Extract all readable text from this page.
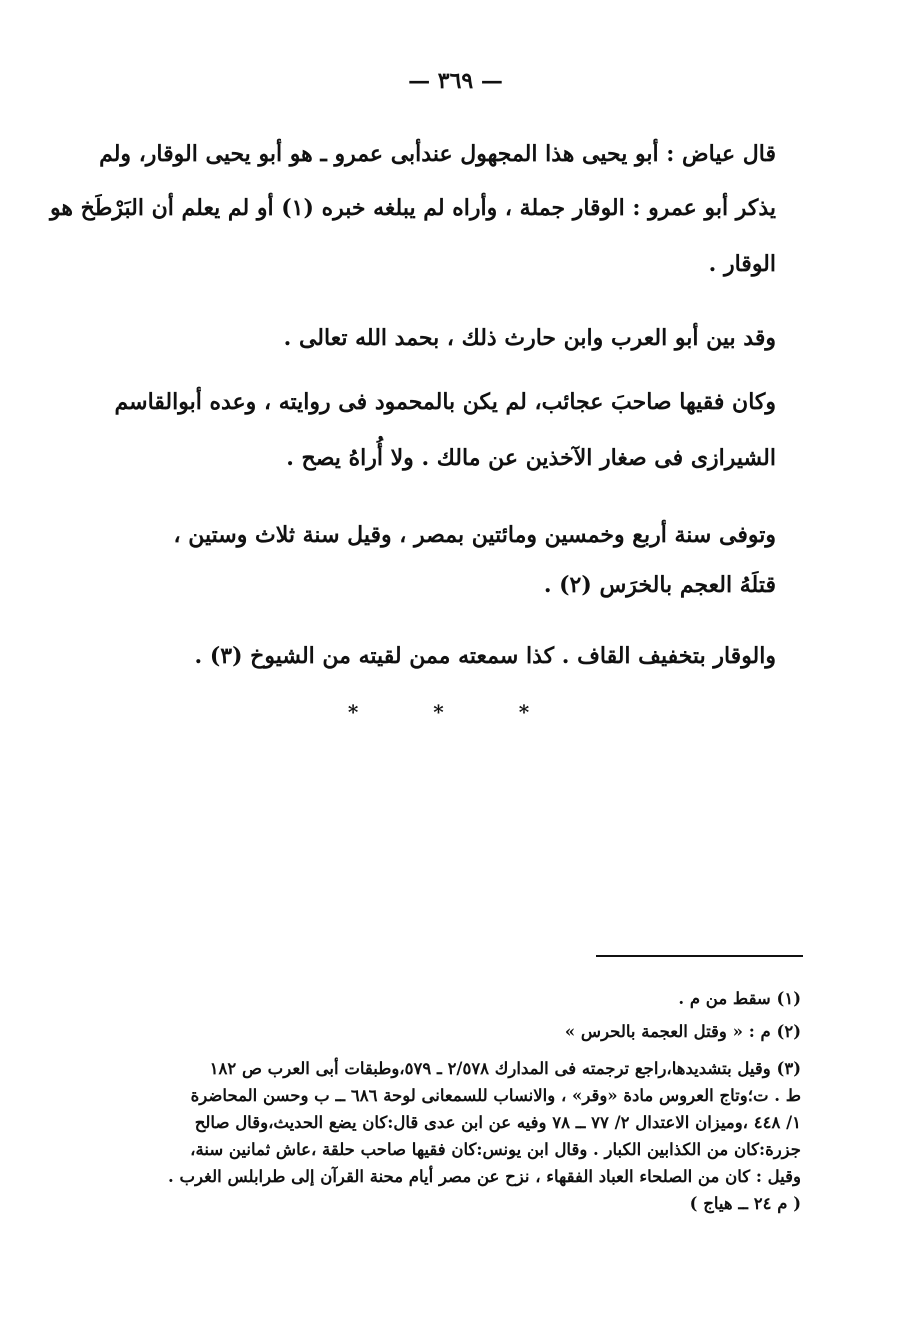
— ٣٦٩ —
قال عياض : أبو يحيى هذا المجهول عندأبى عمرو ـ هو أبو يحيى الوقار، ولم
يذكر أبو عمرو : الوقار جملة ، وأراه لم يبلغه خبره (١) أو لم يعلم أن البَرْطَخ هو
الوقار .
وقد بين أبو العرب وابن حارث ذلك ، بحمد الله تعالى .
وكان فقيها صاحبَ عجائب، لم يكن بالمحمود فى روايته ، وعده أبوالقاسم
الشيرازى فى صغار الآخذين عن مالك . ولا أُراهُ يصح .
وتوفى سنة أربع وخمسين ومائتين بمصر ، وقيل سنة ثلاث وستين ،
قتلَهُ العجم بالخرَس (٢) .
والوقار بتخفيف القاف . كذا سمعته ممن لقيته من الشيوخ (٣) .
* * *
(١) سقط من م .
(٢) م : « وقتل العجمة بالحرس »
(٣) وقيل بتشديدها،راجع ترجمته فى المدارك ٢/٥٧٨ ـ ٥٧٩،وطبقات أبى العرب ص ١٨٢
ط . ت؛وتاج العروس مادة «وقر» ، والانساب للسمعانى لوحة ٦٨٦ ــ ب وحسن المحاضرة
١/ ٤٤٨ ،وميزان الاعتدال ٢/ ٧٧ ــ ٧٨ وفيه عن ابن عدى قال:كان يضع الحديث،وقال صالح
جزرة:كان من الكذابين الكبار . وقال ابن يونس:كان فقيها صاحب حلقة ،عاش ثمانين سنة،
وقيل : كان من الصلحاء العباد الفقهاء ، نزح عن مصر أيام محنة القرآن إلى طرابلس الغرب .
( م ٢٤ ــ هياج )
